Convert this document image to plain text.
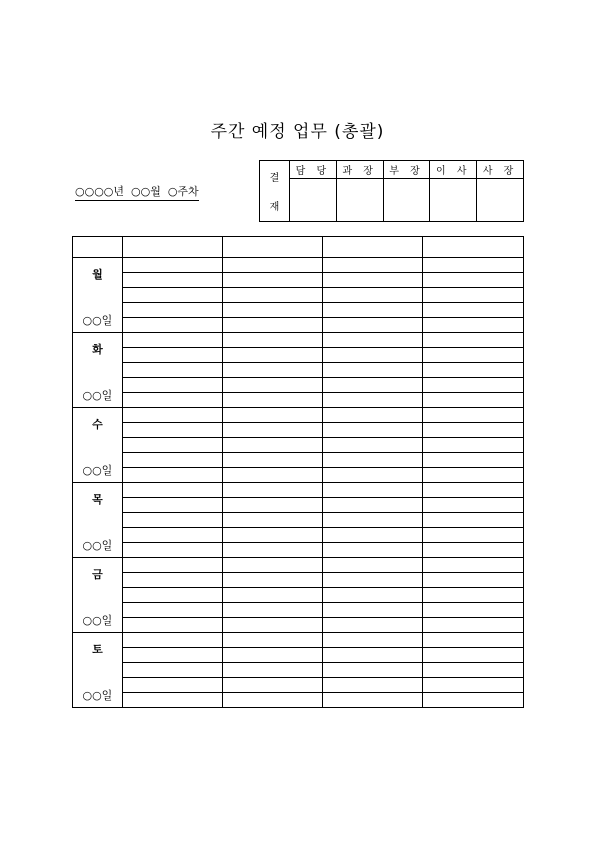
주간 예정 업무 (총괄)
○○○○년  ○○월  ○주차
결
재	담 당	과 장	부 장	이 사	사 장

월
○○일				

화
○○일				

수
○○일				

목
○○일				

금
○○일				

토
○○일				
